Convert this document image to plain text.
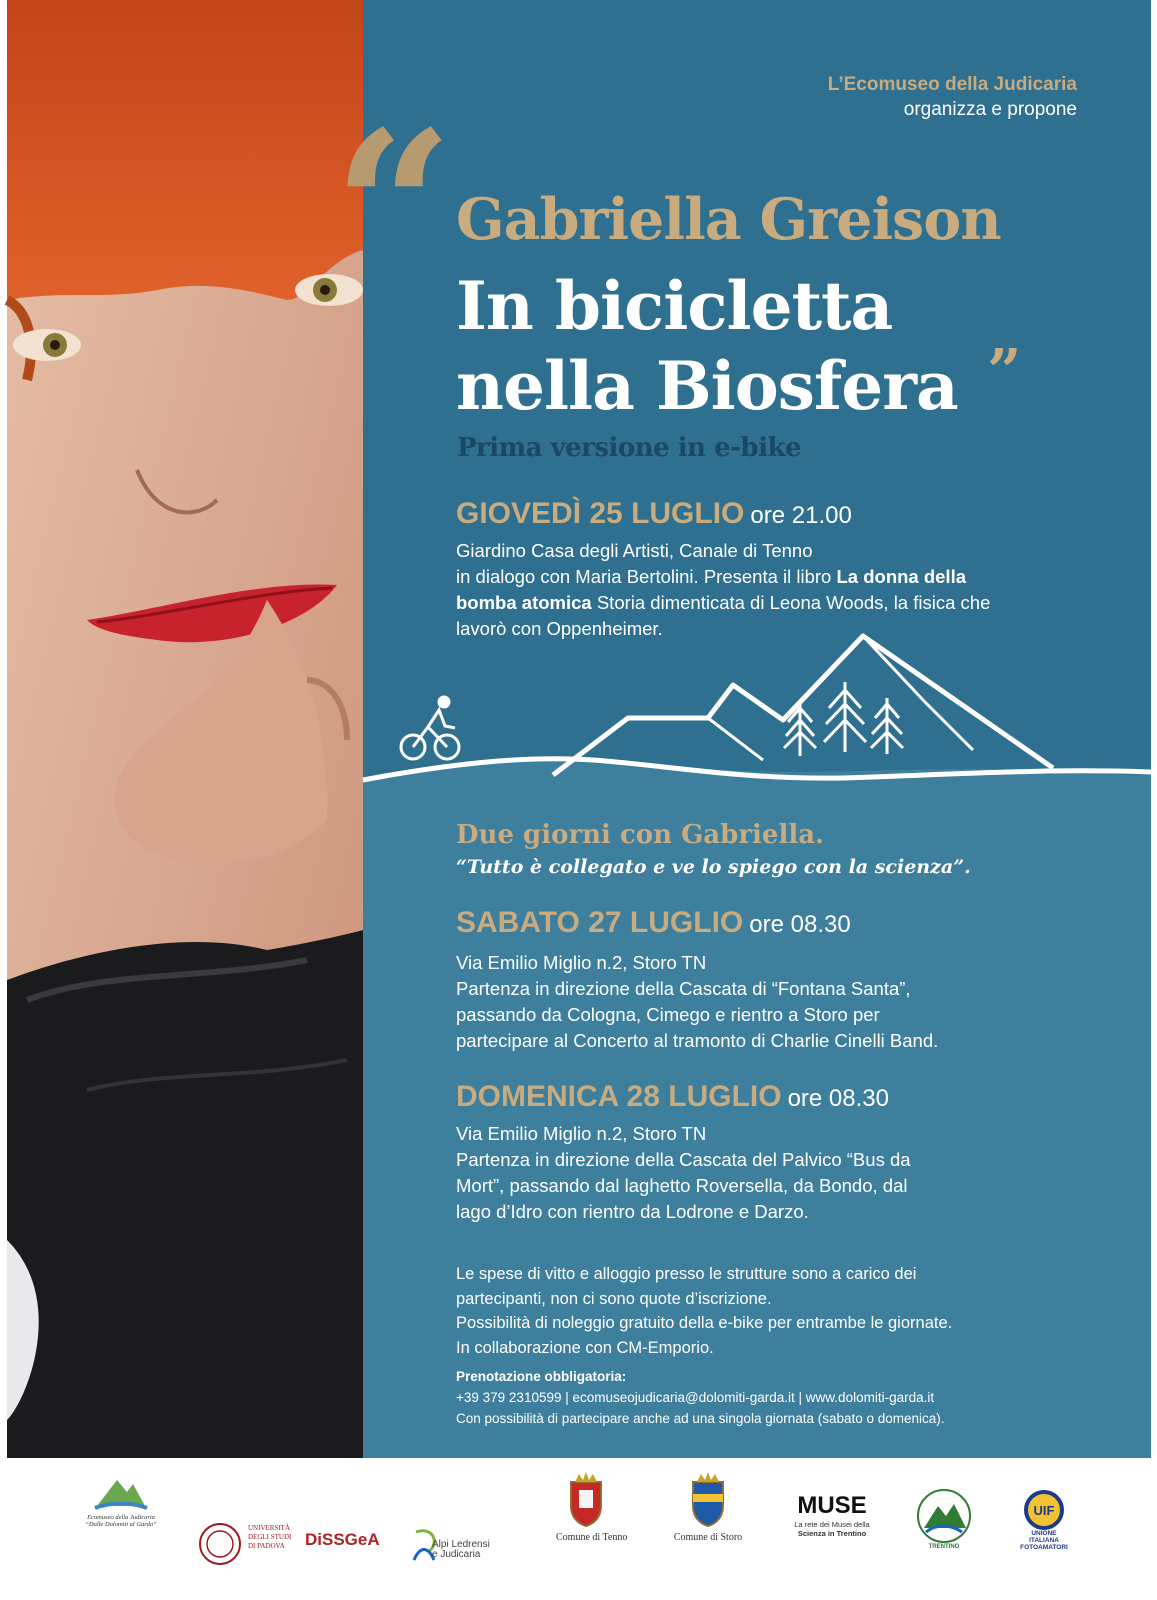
L’Ecomuseo della Judicaria

organizza e propone

“ Gabriella Greison

In bicicletta

nella Biosfera ”

Prima versione in e-bike

GIOVEDÌ 25 LUGLIO ore 21.00

Giardino Casa degli Artisti, Canale di Tenno
in dialogo con Maria Bertolini. Presenta il libro La donna della
bomba atomica Storia dimenticata di Leona Woods, la fisica che
lavorò con Oppenheimer.

Due giorni con Gabriella.

“Tutto è collegato e ve lo spiego con la scienza”.

SABATO 27 LUGLIO ore 08.30

Via Emilio Miglio n.2, Storo TN
Partenza in direzione della Cascata di “Fontana Santa”,
passando da Cologna, Cimego e rientro a Storo per
partecipare al Concerto al tramonto di Charlie Cinelli Band.

DOMENICA 28 LUGLIO ore 08.30

Via Emilio Miglio n.2, Storo TN
Partenza in direzione della Cascata del Palvico “Bus da
Mort”, passando dal laghetto Roversella, da Bondo, dal
lago d’Idro con rientro da Lodrone e Darzo.
Le spese di vitto e alloggio presso le strutture sono a carico dei
partecipanti, non ci sono quote d’iscrizione.
Possibilità di noleggio gratuito della e-bike per entrambe le giornate.
In collaborazione con CM-Emporio.
Prenotazione obbligatoria:
+39 379 2310599 | ecomuseojudicaria@dolomiti-garda.it | www.dolomiti-garda.it
Con possibilità di partecipare anche ad una singola giornata (sabato o domenica).
Ecomuseo della Judicaria
“Dalle Dolomiti al Garda”	UNIVERSITÀ
DEGLI STUDI
DI PADOVA	DiSSGeA	Alpi Ledrensi
e Judicaria
Comune di Tenno	Comune di Storo
MUSE
La rete dei Musei della
Scienza in Trentino
TRENTINO
UIF
UNIONE
ITALIANA
FOTOAMATORI
